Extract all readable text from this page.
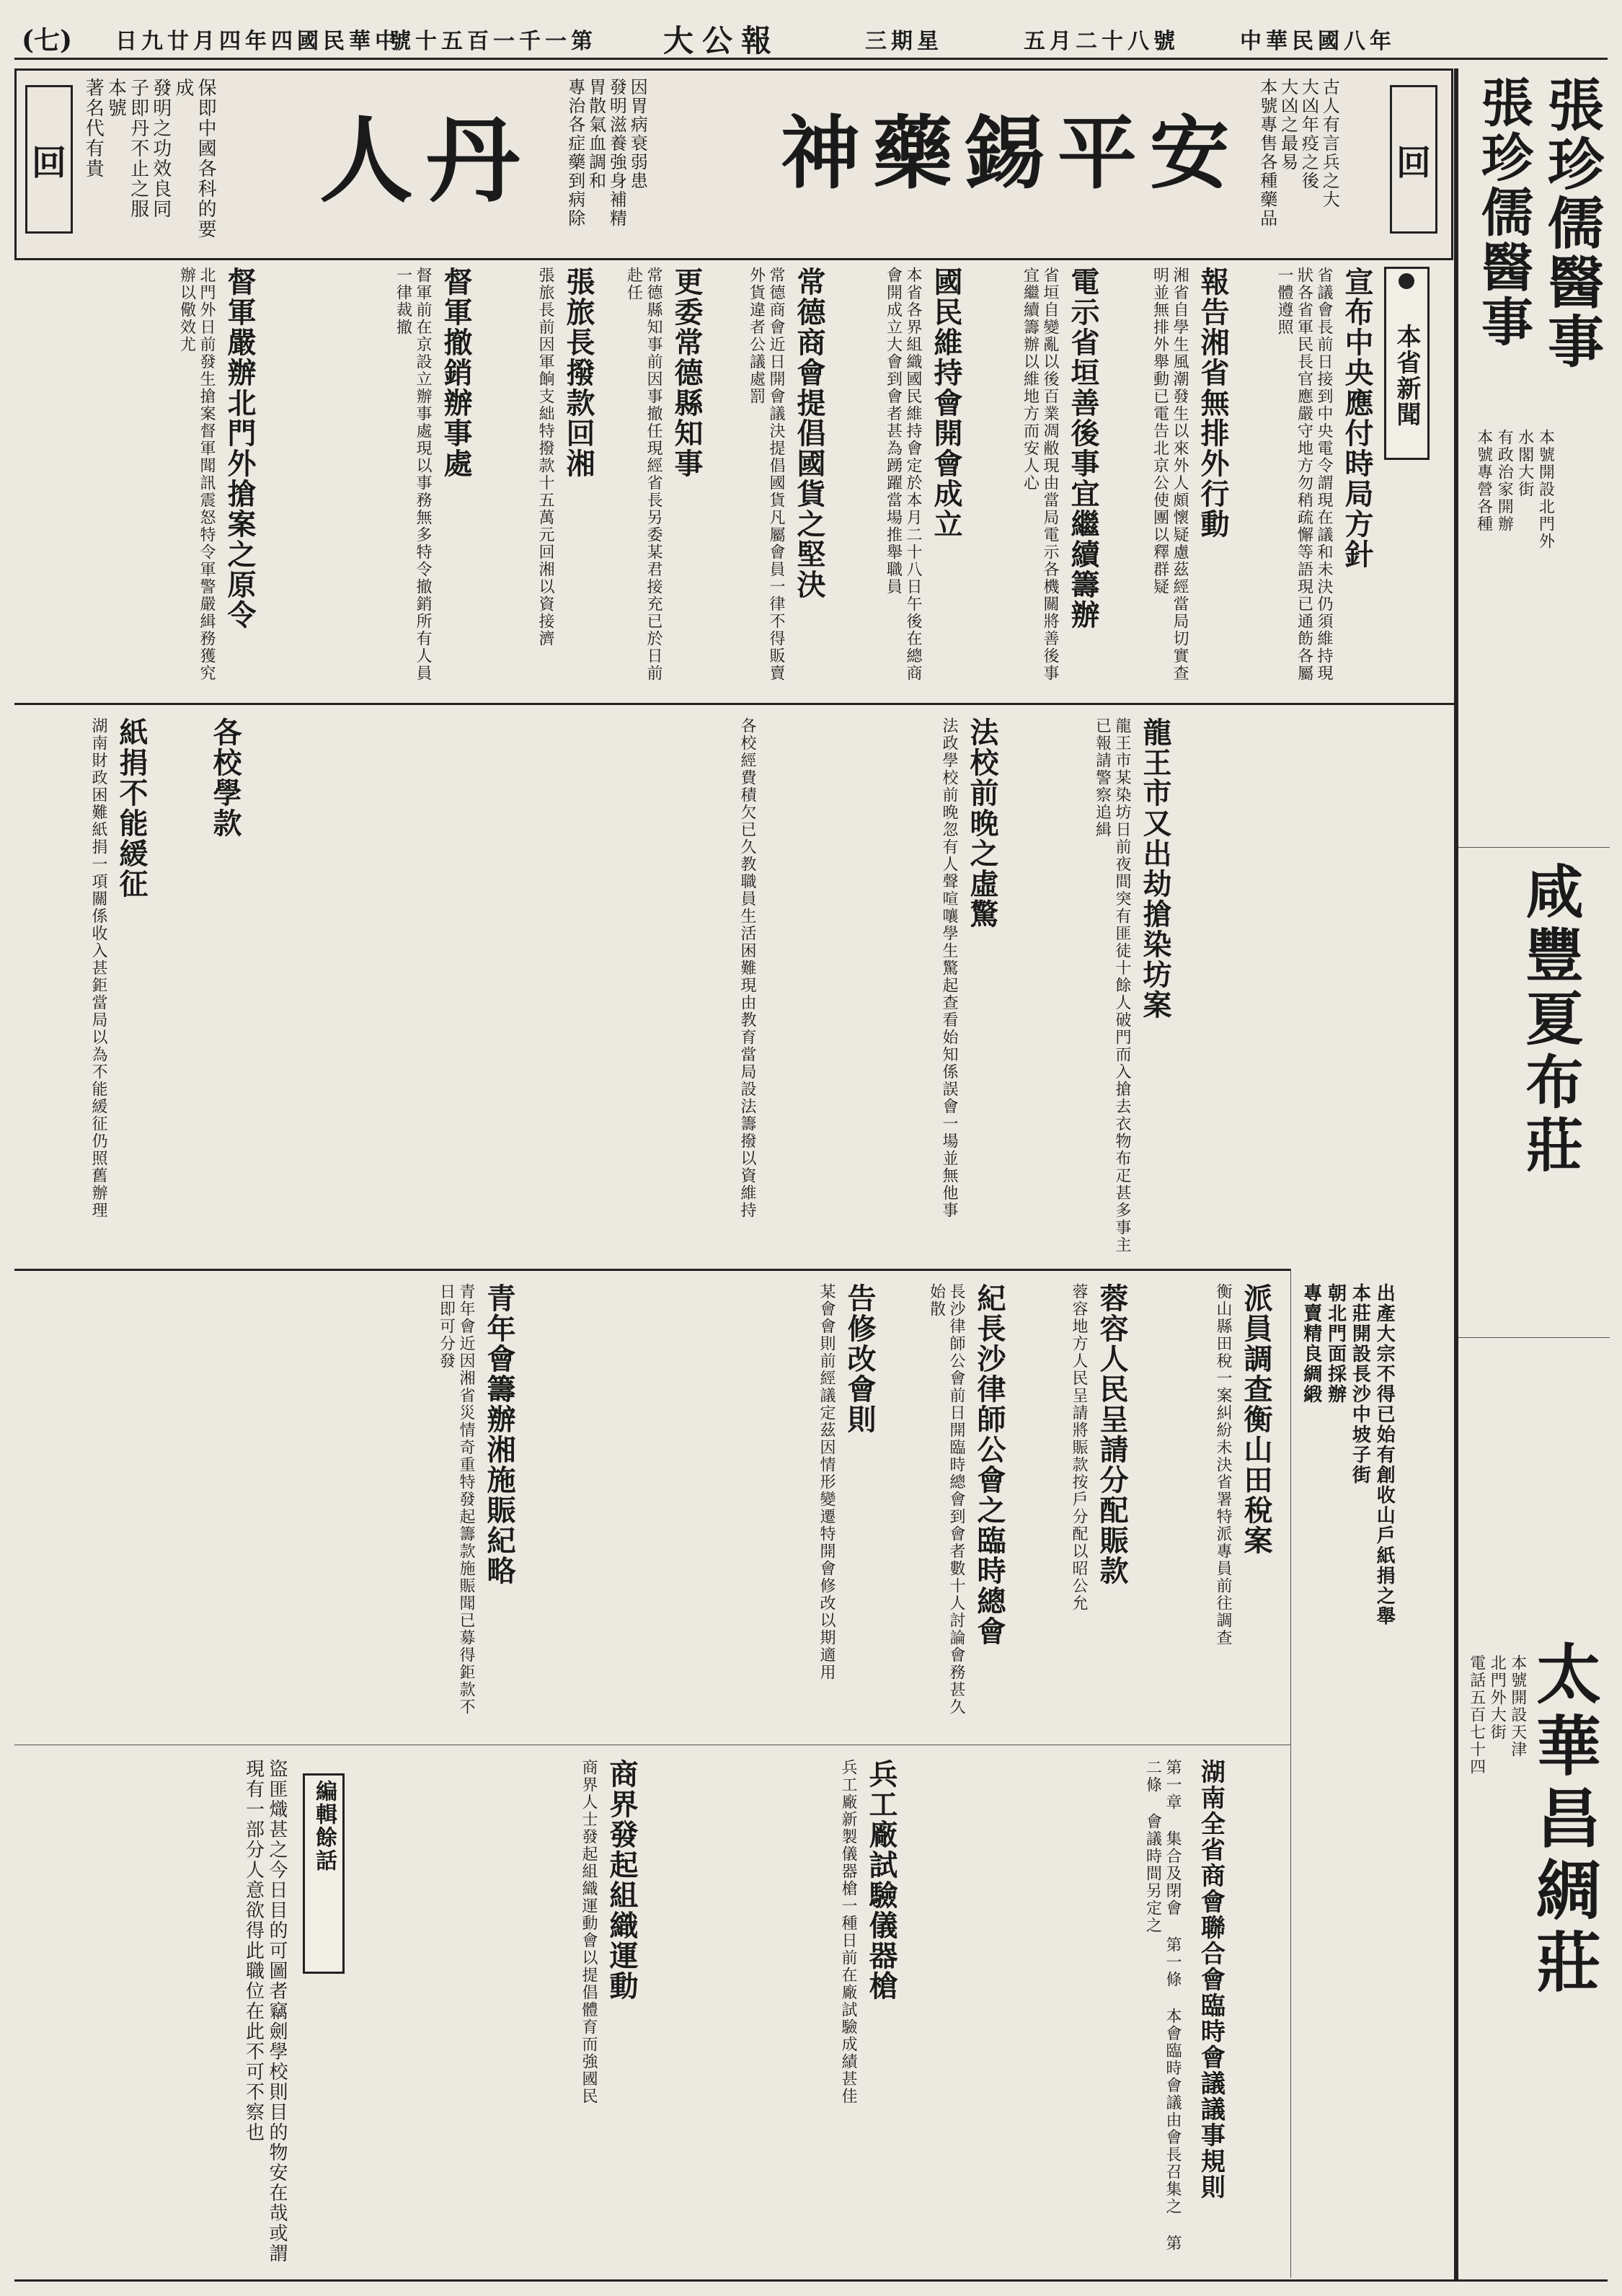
(七) 日九廿月四年四國民華中
號十五百一千一第 大公報	三期星	五月二十八號	中華民國八年
回	保即中國各科的要成
發明之功效良同
子即丹不止之服
本號
著名代有貴 人丹	因胃病衰弱患
發明滋養強身補精
胃散氣血調和
專治各症藥到病除 神藥錫平安	古人有言兵之大
大凶年疫之後
大凶之最易
本號專售各種藥品	回 張珍儒醫事
張珍儒醫事
本號開設北門外
水閣大街
有政治家開辦
本號專營各種
咸豐夏布莊
太華昌綢莊
本號開設天津
北門外大街
電話五百七十四
出產大宗不得已始有創收山戶紙捐之舉
本莊開設長沙中坡子街
朝北門面採辦
專賣精良綢緞
本省新聞
宣布中央應付時局方針
省議會長前日接到中央電令謂現在議和未決仍須維持現狀各省軍民長官應嚴守地方勿稍疏懈等語現已通飭各屬一體遵照
報告湘省無排外行動
湘省自學生風潮發生以來外人頗懷疑慮茲經當局切實查明並無排外舉動已電告北京公使團以釋群疑
電示省垣善後事宜繼續籌辦
省垣自變亂以後百業凋敝現由當局電示各機關將善後事宜繼續籌辦以維地方而安人心
國民維持會開會成立
本省各界組織國民維持會定於本月二十八日午後在總商會開成立大會到會者甚為踴躍當場推舉職員
常德商會提倡國貨之堅決
常德商會近日開會議決提倡國貨凡屬會員一律不得販賣外貨違者公議處罰
更委常德縣知事
常德縣知事前因事撤任現經省長另委某君接充已於日前赴任
張旅長撥款回湘
張旅長前因軍餉支絀特撥款十五萬元回湘以資接濟
督軍撤銷辦事處
督軍前在京設立辦事處現以事務無多特令撤銷所有人員一律裁撤
督軍嚴辦北門外搶案之原令
北門外日前發生搶案督軍聞訊震怒特令軍警嚴緝務獲究辦以儆效尤
龍王市又出劫搶染坊案
龍王市某染坊日前夜間突有匪徒十餘人破門而入搶去衣物布疋甚多事主已報請警察追緝
法校前晚之虛驚
法政學校前晚忽有人聲喧嚷學生驚起查看始知係誤會一場並無他事
各校經費積欠已久教職員生活困難現由教育當局設法籌撥以資維持
各校學款
紙捐不能緩征
湖南財政困難紙捐一項關係收入甚鉅當局以為不能緩征仍照舊辦理
派員調查衡山田稅案
衡山縣田稅一案糾紛未決省署特派專員前往調查
蓉容人民呈請分配賑款
蓉容地方人民呈請將賑款按戶分配以昭公允
紀長沙律師公會之臨時總會
長沙律師公會前日開臨時總會到會者數十人討論會務甚久始散
告修改會則
某會會則前經議定茲因情形變遷特開會修改以期適用
青年會籌辦湘施賑紀略
青年會近因湘省災情奇重特發起籌款施賑聞已募得鉅款不日即可分發
湖南全省商會聯合會臨時會議議事規則
第一章 集合及閉會 第一條 本會臨時會議由會長召集之 第二條 會議時間另定之
兵工廠試驗儀器槍
兵工廠新製儀器槍一種日前在廠試驗成績甚佳
商界發起組織運動
商界人士發起組織運動會以提倡體育而強國民
編輯餘話
盜匪熾甚之今日目的可圖者竊劍學校則目的物安在哉或謂現有一部分人意欲得此職位在此不可不察也
